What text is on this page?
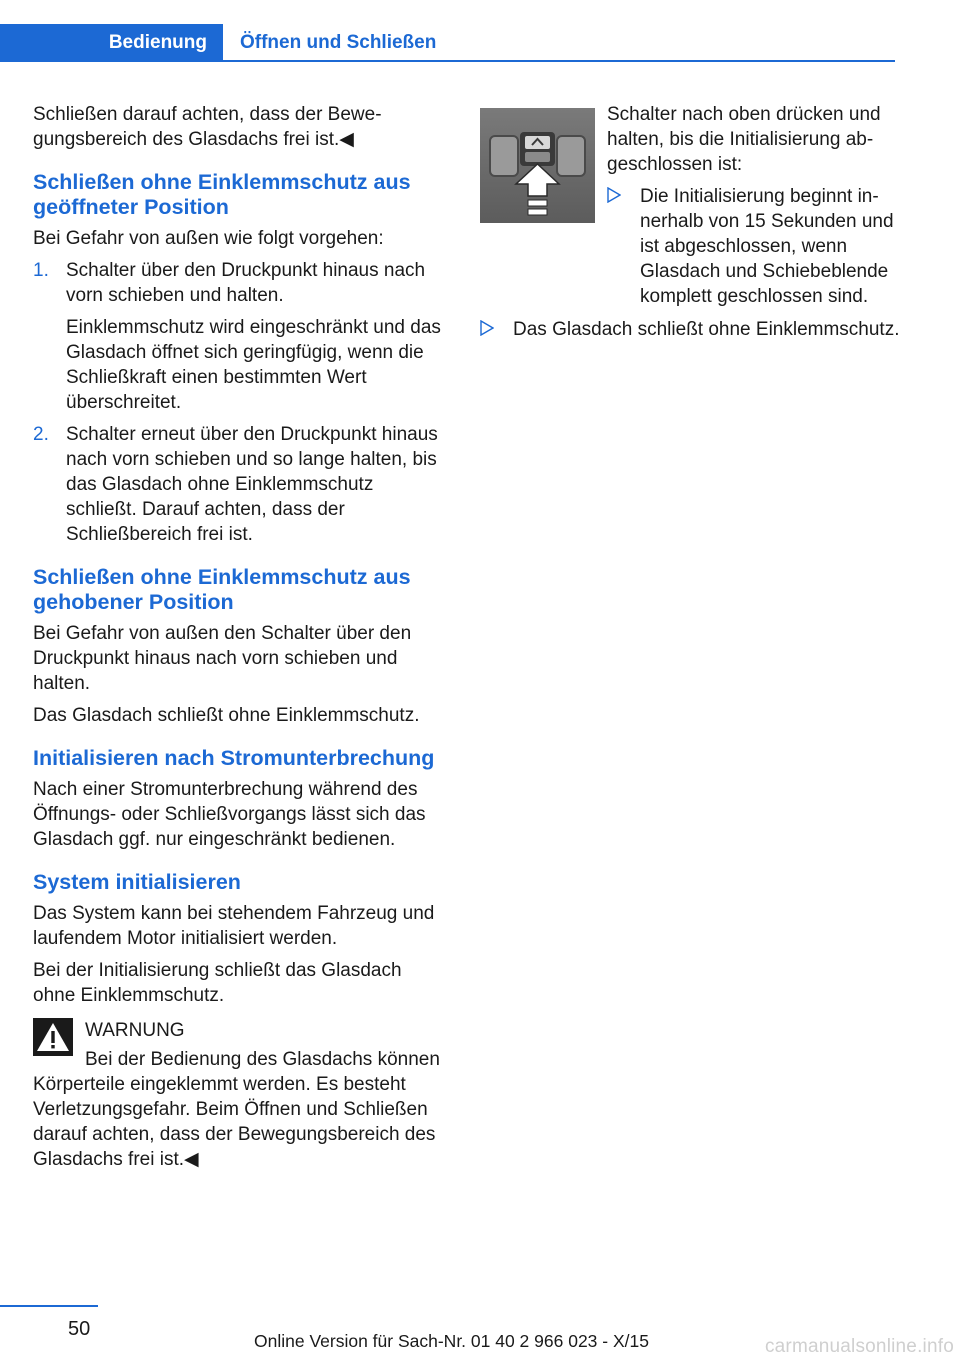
Bedienung	Öffnen und Schließen

Schließen darauf achten, dass der Bewegungsbereich des Glasdachs frei ist.◀

Schließen ohne Einklemmschutz aus geöffneter Position

Bei Gefahr von außen wie folgt vorgehen:

1. Schalter über den Druckpunkt hinaus nach vorn schieben und halten.

Einklemmschutz wird eingeschränkt und das Glasdach öffnet sich geringfügig, wenn die Schließkraft einen bestimmten Wert überschreitet.

2. Schalter erneut über den Druckpunkt hinaus nach vorn schieben und so lange halten, bis das Glasdach ohne Einklemmschutz schließt. Darauf achten, dass der Schließbereich frei ist.

Schließen ohne Einklemmschutz aus gehobener Position

Bei Gefahr von außen den Schalter über den Druckpunkt hinaus nach vorn schieben und halten.

Das Glasdach schließt ohne Einklemmschutz.

Initialisieren nach Stromunterbrechung

Nach einer Stromunterbrechung während des Öffnungs- oder Schließvorgangs lässt sich das Glasdach ggf. nur eingeschränkt bedienen.

System initialisieren

Das System kann bei stehendem Fahrzeug und laufendem Motor initialisiert werden.

Bei der Initialisierung schließt das Glasdach ohne Einklemmschutz.

WARNUNG
Bei der Bedienung des Glasdachs können Körperteile eingeklemmt werden. Es besteht Verletzungsgefahr. Beim Öffnen und Schließen darauf achten, dass der Bewegungsbereich des Glasdachs frei ist.◀

Schalter nach oben drücken und halten, bis die Initialisierung abgeschlossen ist:

Die Initialisierung beginnt innerhalb von 15 Sekunden und ist abgeschlossen, wenn Glasdach und Schiebeblende komplett geschlossen sind.
Das Glasdach schließt ohne Einklemmschutz.
50
Online Version für Sach-Nr. 01 40 2 966 023 - X/15	carmanualsonline.info
